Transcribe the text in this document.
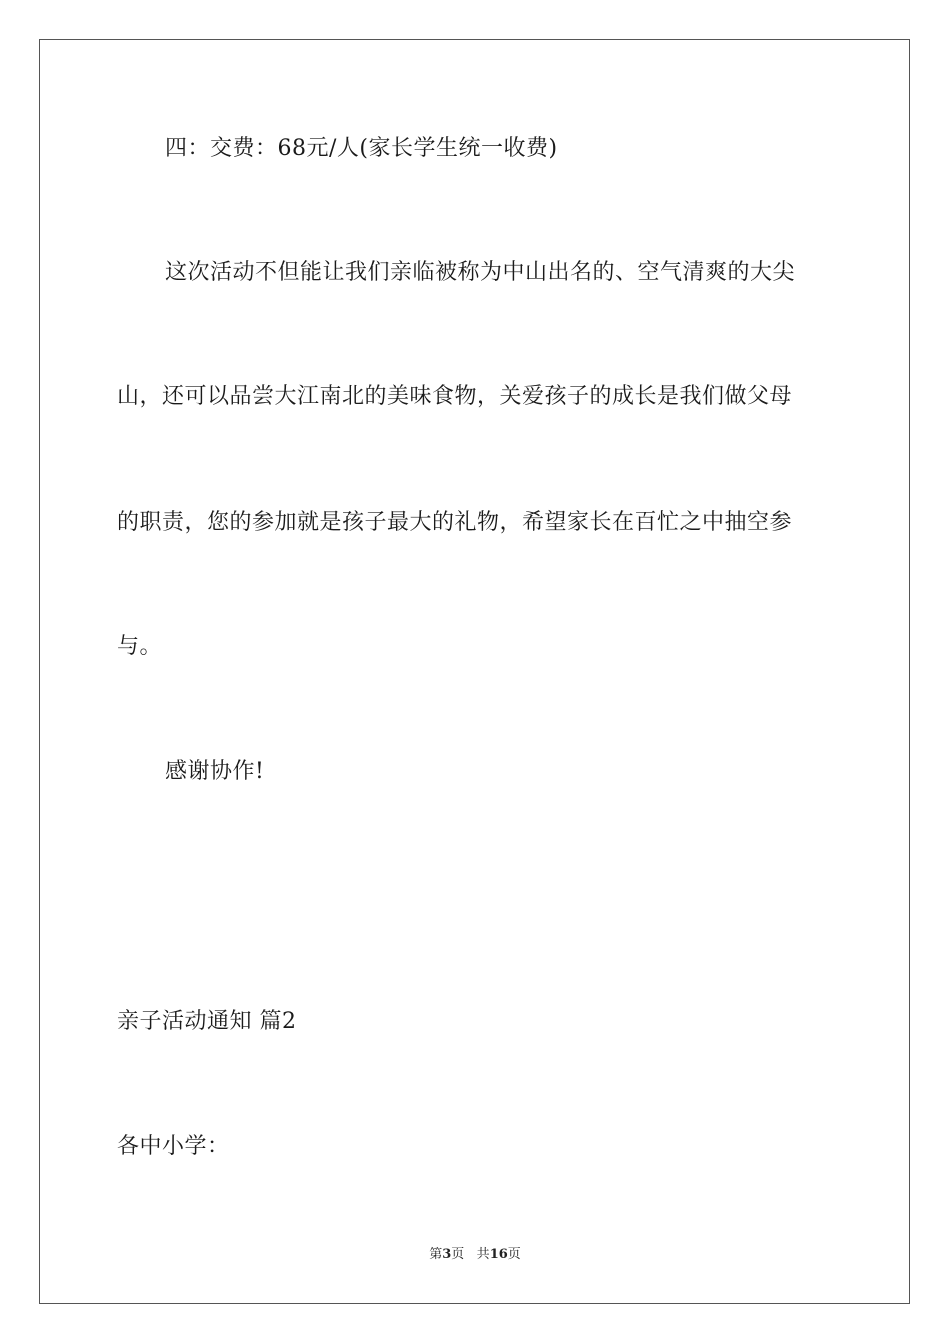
四：交费：68元/人(家长学生统一收费)
这次活动不但能让我们亲临被称为中山出名的、空气清爽的大尖
山，还可以品尝大江南北的美味食物，关爱孩子的成长是我们做父母
的职责，您的参加就是孩子最大的礼物，希望家长在百忙之中抽空参
与。
感谢协作!
亲子活动通知 篇2
各中小学：
第3页 共16页
